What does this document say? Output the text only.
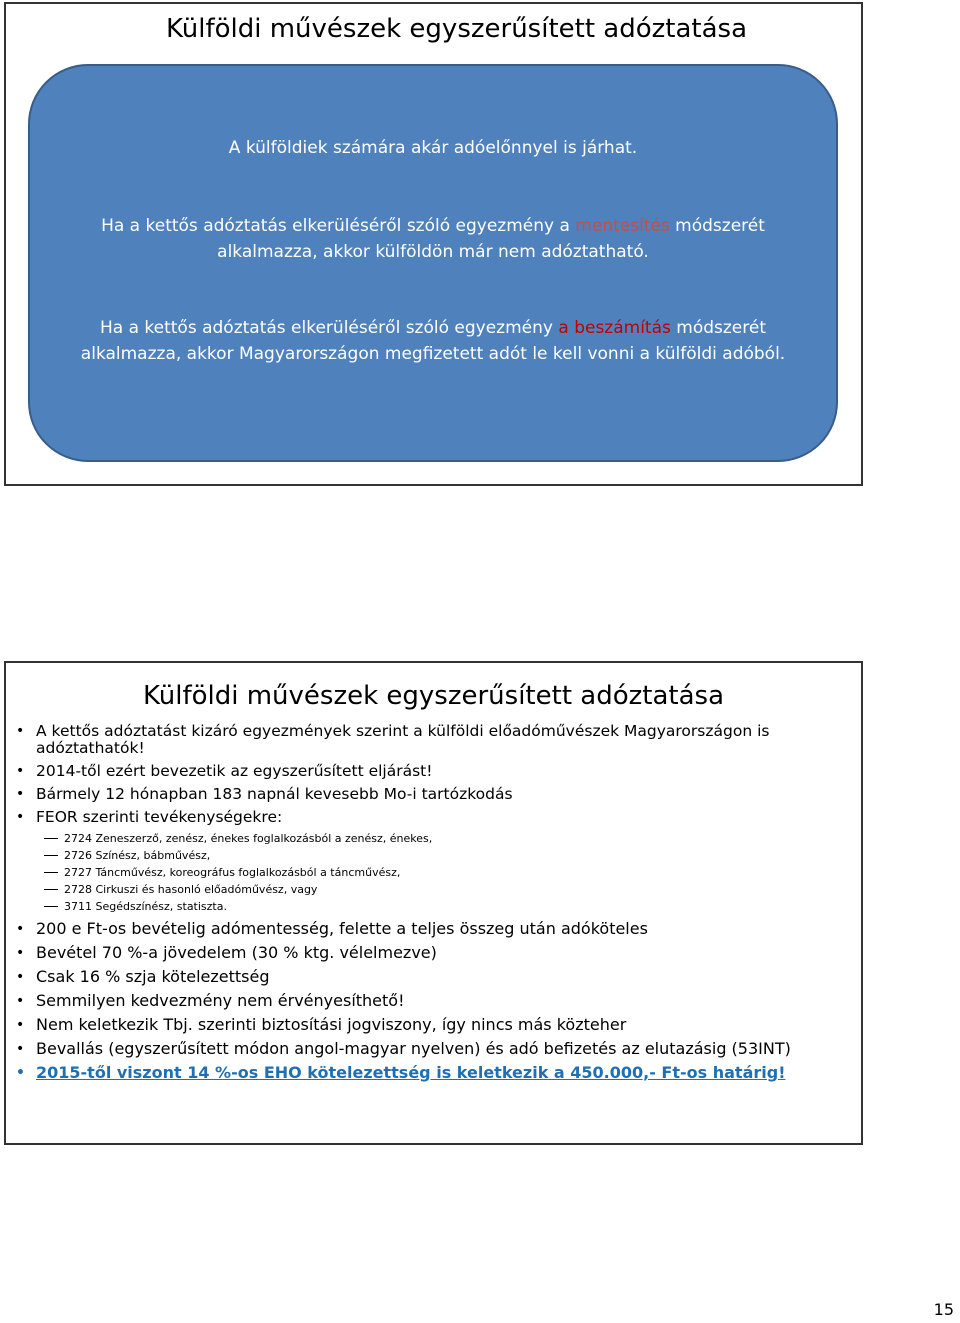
Külföldi művészek egyszerűsített adóztatása
A külföldiek számára akár adóelőnnyel is járhat.
Ha a kettős adóztatás elkerüléséről szóló egyezmény a mentesítés módszerét
alkalmazza, akkor külföldön már nem adóztatható.
Ha a kettős adóztatás elkerüléséről szóló egyezmény a beszámítás módszerét
alkalmazza, akkor Magyarországon megfizetett adót le kell vonni a külföldi adóból.
Külföldi művészek egyszerűsített adóztatása
• A kettős adóztatást kizáró egyezmények szerint a külföldi előadóművészek Magyarországon is adóztathatók!
• 2014-től ezért bevezetik az egyszerűsített eljárást!
• Bármely 12 hónapban 183 napnál kevesebb Mo-i tartózkodás
• FEOR szerinti tevékenységekre:
2724 Zeneszerző, zenész, énekes foglalkozásból a zenész, énekes,
2726 Színész, bábművész,
2727 Táncművész, koreográfus foglalkozásból a táncművész,
2728 Cirkuszi és hasonló előadóművész, vagy
3711 Segédszínész, statiszta.
• 200 e Ft-os bevételig adómentesség, felette a teljes összeg után adóköteles
• Bevétel 70 %-a jövedelem (30 % ktg. vélelmezve)
• Csak 16 % szja kötelezettség
• Semmilyen kedvezmény nem érvényesíthető!
• Nem keletkezik Tbj. szerinti biztosítási jogviszony, így nincs más közteher
• Bevallás (egyszerűsített módon angol-magyar nyelven) és adó befizetés az elutazásig (53INT)
• 2015-től viszont 14 %-os EHO kötelezettség is keletkezik a 450.000,- Ft-os határig!
15
